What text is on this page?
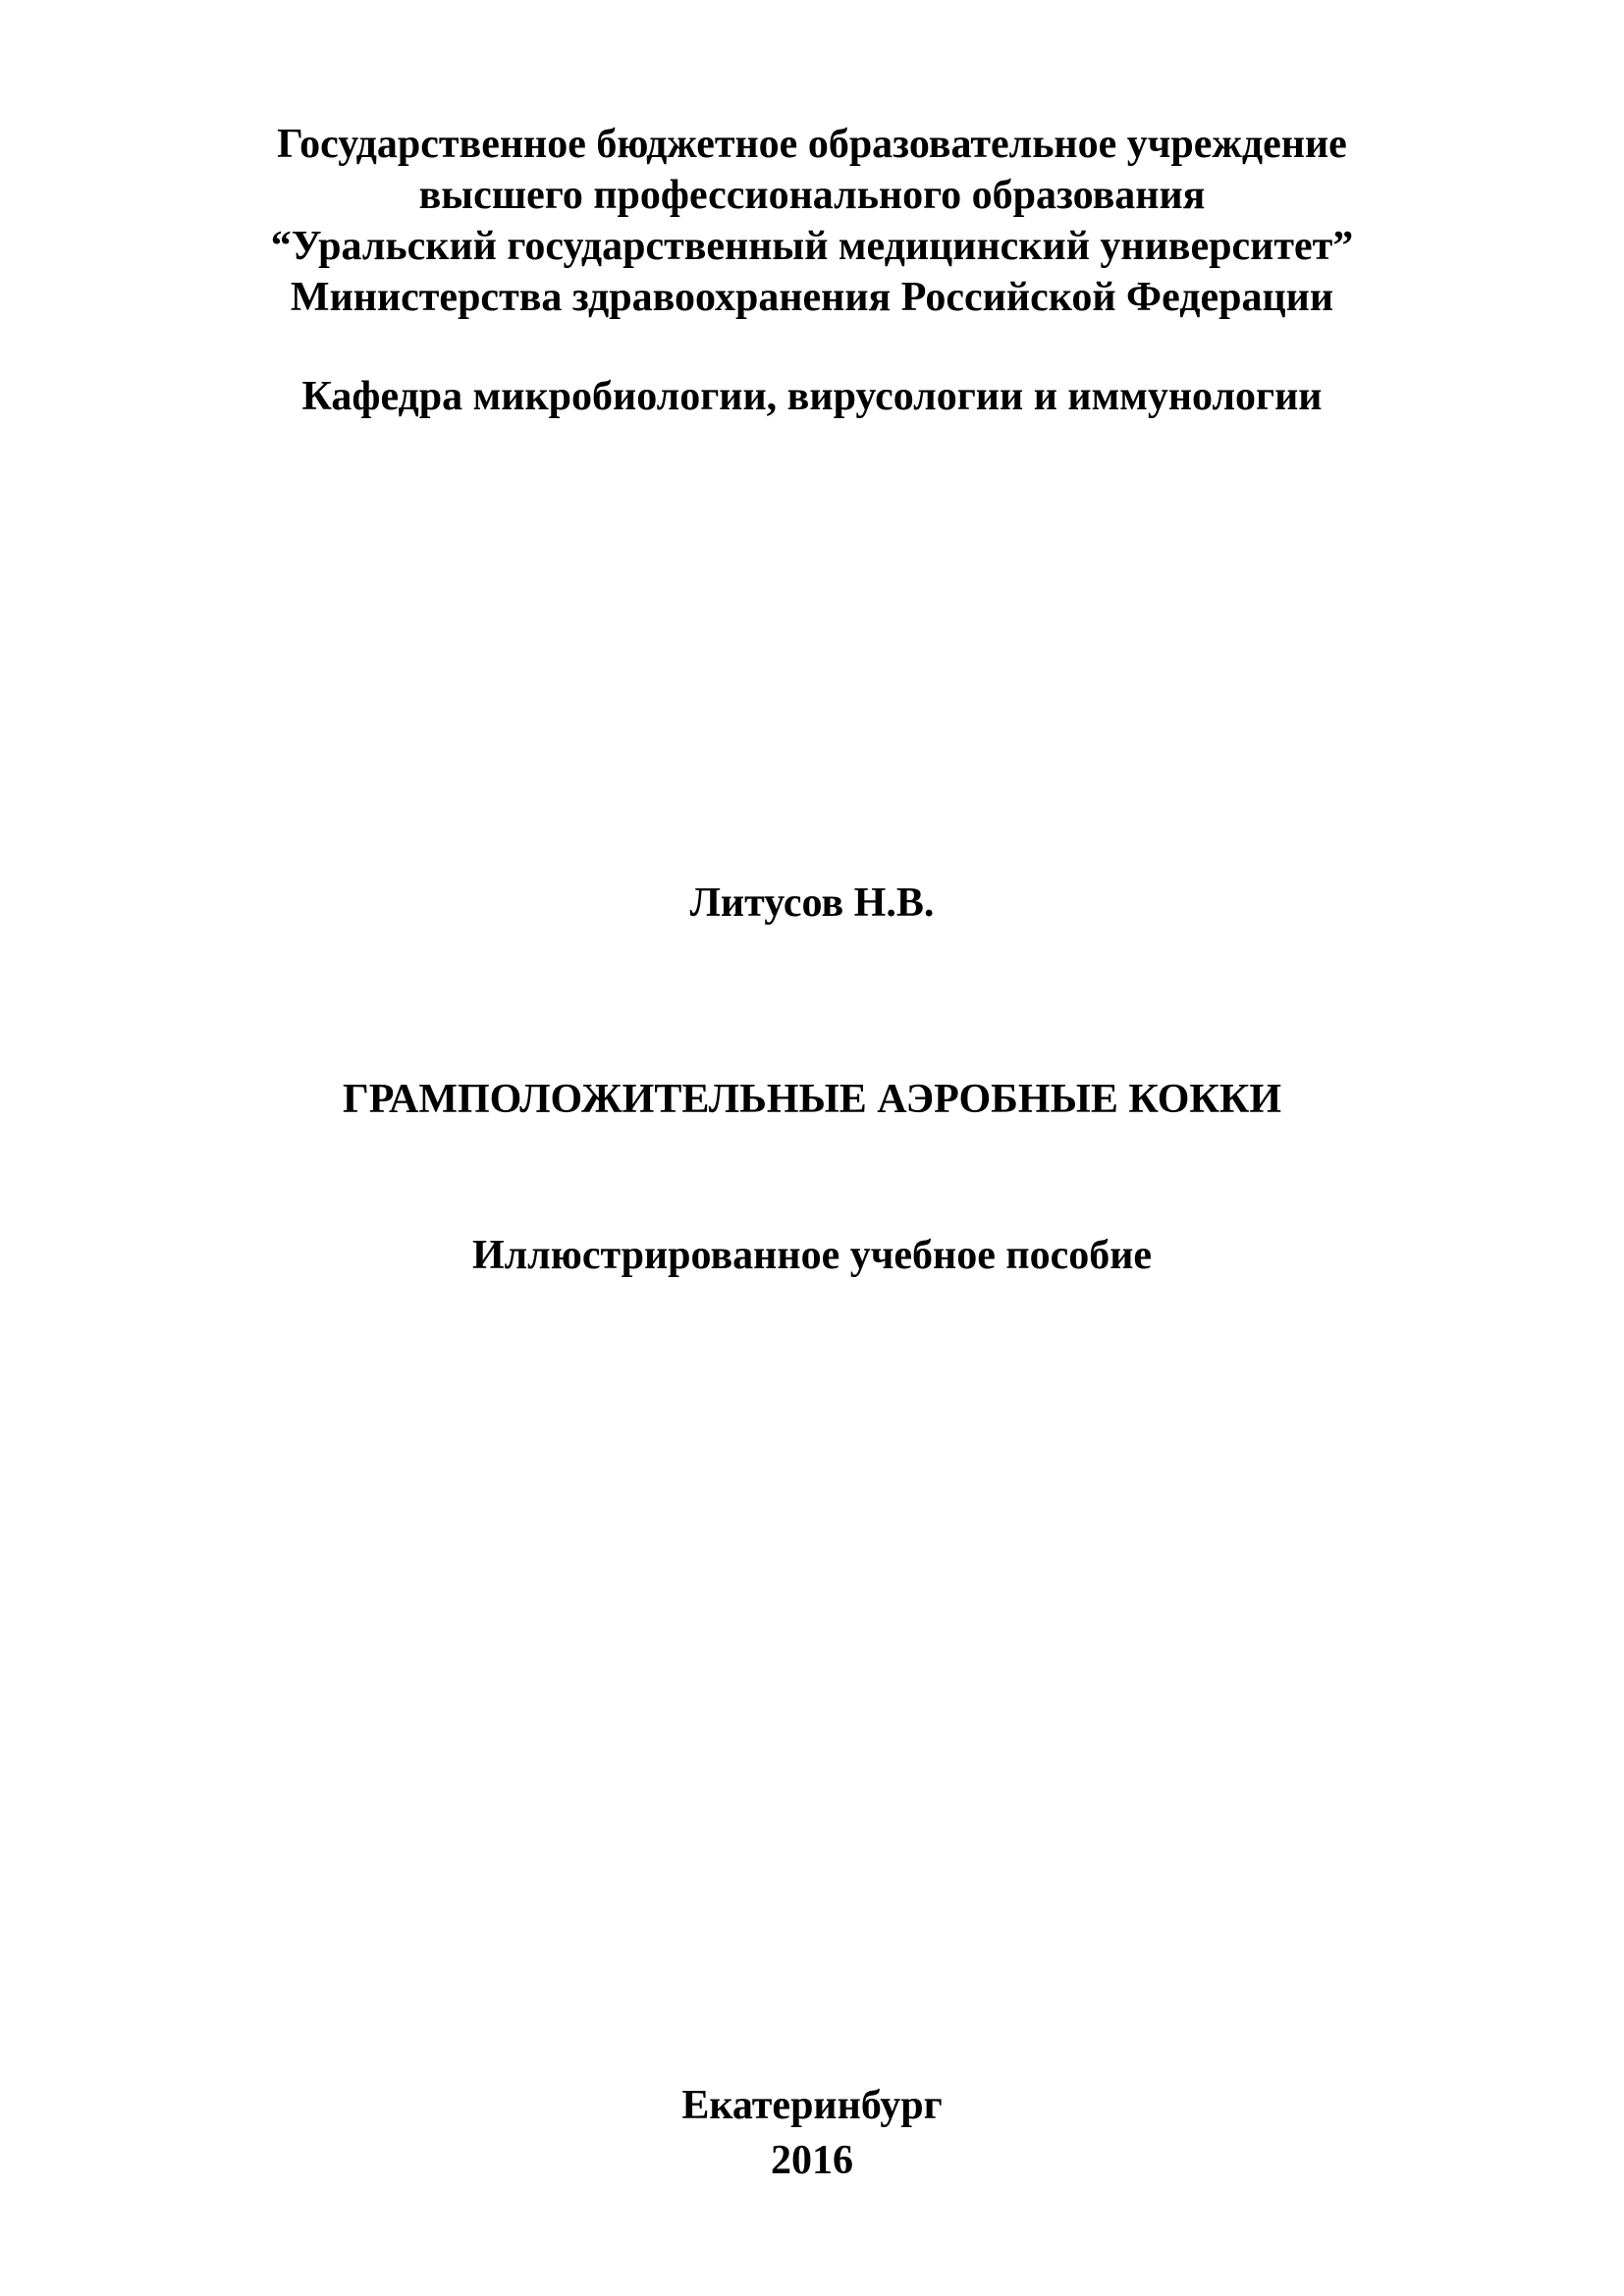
Государственное бюджетное образовательное учреждение
высшего профессионального образования
“Уральский государственный медицинский университет”
Министерства здравоохранения Российской Федерации
Кафедра микробиологии, вирусологии и иммунологии
Литусов Н.В.
ГРАМПОЛОЖИТЕЛЬНЫЕ АЭРОБНЫЕ КОККИ
Иллюстрированное учебное пособие
Екатеринбург
2016
